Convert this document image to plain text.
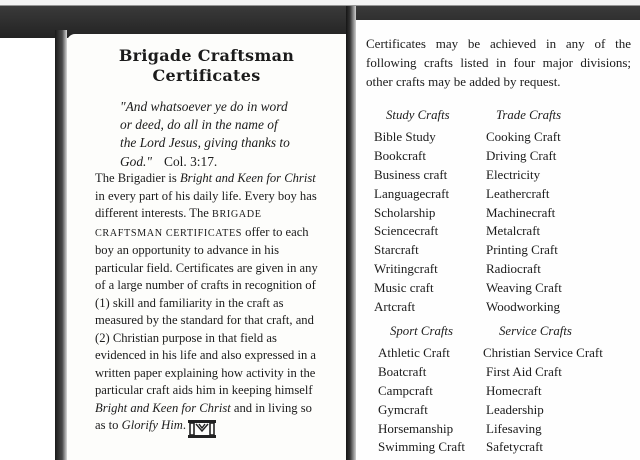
Brigade Craftsman
Certificates
"And whatsoever ye do in word
or deed, do all in the name of
the Lord Jesus, giving thanks to
God." Col. 3:17.
The Brigadier is Bright and Keen for Christ in every part of his daily life. Every boy has different interests. The BRIGADE CRAFTSMAN CERTIFICATES offer to each boy an opportunity to advance in his particular field. Certificates are given in any of a large number of crafts in recognition of (1) skill and familiarity in the craft as measured by the standard for that craft, and (2) Christian purpose in that field as evidenced in his life and also expressed in a written paper explaining how activity in the particular craft aids him in keeping himself Bright and Keen for Christ and in living so as to Glorify Him.
Certificates may be achieved in any of the following crafts listed in four major divisions; other crafts may be added by request.
Study Crafts
Bible Study
Bookcraft
Business craft
Languagecraft
Scholarship
Sciencecraft
Starcraft
Writingcraft
Music craft
Artcraft
Trade Crafts
Cooking Craft
Driving Craft
Electricity
Leathercraft
Machinecraft
Metalcraft
Printing Craft
Radiocraft
Weaving Craft
Woodworking
Sport Crafts
Athletic Craft
Boatcraft
Campcraft
Gymcraft
Horsemanship
Swimming Craft
Service Crafts
Christian Service Craft
First Aid Craft
Homecraft
Leadership
Lifesaving
Safetycraft
